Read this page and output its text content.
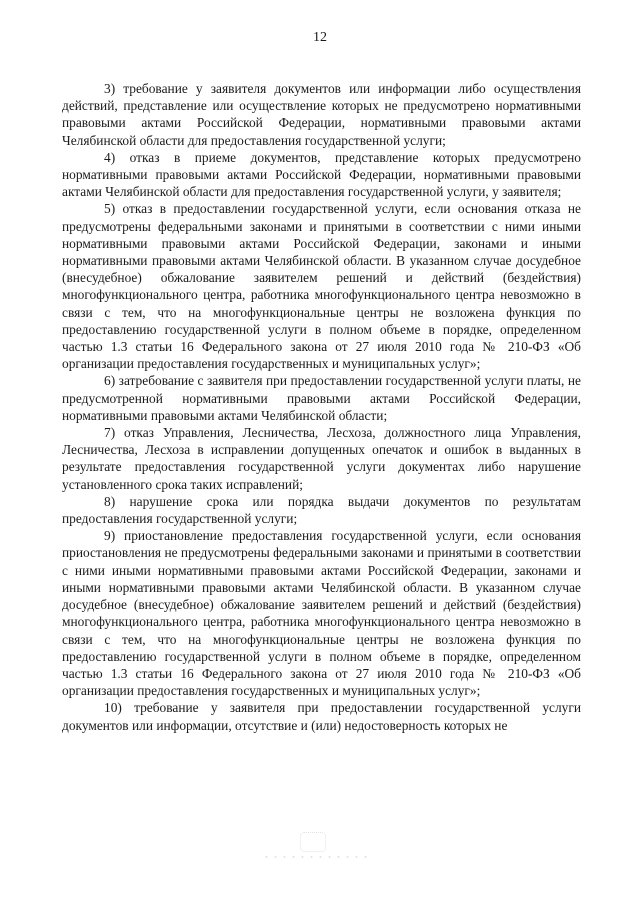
12

3) требование у заявителя документов или информации либо осуществления действий, представление или осуществление которых не предусмотрено нормативными правовыми актами Российской Федерации, нормативными правовыми актами Челябинской области для предоставления государственной услуги;

4) отказ в приеме документов, представление которых предусмотрено нормативными правовыми актами Российской Федерации, нормативными правовыми актами Челябинской области для предоставления государственной услуги, у заявителя;

5) отказ в предоставлении государственной услуги, если основания отказа не предусмотрены федеральными законами и принятыми в соответствии с ними иными нормативными правовыми актами Российской Федерации, законами и иными нормативными правовыми актами Челябинской области. В указанном случае досудебное (внесудебное) обжалование заявителем решений и действий (бездействия) многофункционального центра, работника многофункционального центра невозможно в связи с тем, что на многофункциональные центры не возложена функция по предоставлению государственной услуги в полном объеме в порядке, определенном частью 1.3 статьи 16 Федерального закона от 27 июля 2010 года № 210-ФЗ «Об организации предоставления государственных и муниципальных услуг»;

6) затребование с заявителя при предоставлении государственной услуги платы, не предусмотренной нормативными правовыми актами Российской Федерации, нормативными правовыми актами Челябинской области;

7) отказ Управления, Лесничества, Лесхоза, должностного лица Управления, Лесничества, Лесхоза в исправлении допущенных опечаток и ошибок в выданных в результате предоставления государственной услуги документах либо нарушение установленного срока таких исправлений;

8) нарушение срока или порядка выдачи документов по результатам предоставления государственной услуги;

9) приостановление предоставления государственной услуги, если основания приостановления не предусмотрены федеральными законами и принятыми в соответствии с ними иными нормативными правовыми актами Российской Федерации, законами и иными нормативными правовыми актами Челябинской области. В указанном случае досудебное (внесудебное) обжалование заявителем решений и действий (бездействия) многофункционального центра, работника многофункционального центра невозможно в связи с тем, что на многофункциональные центры не возложена функция по предоставлению государственной услуги в полном объеме в порядке, определенном частью 1.3 статьи 16 Федерального закона от 27 июля 2010 года № 210-ФЗ «Об организации предоставления государственных и муниципальных услуг»;

10) требование у заявителя при предоставлении государственной услуги документов или информации, отсутствие и (или) недостоверность которых не
